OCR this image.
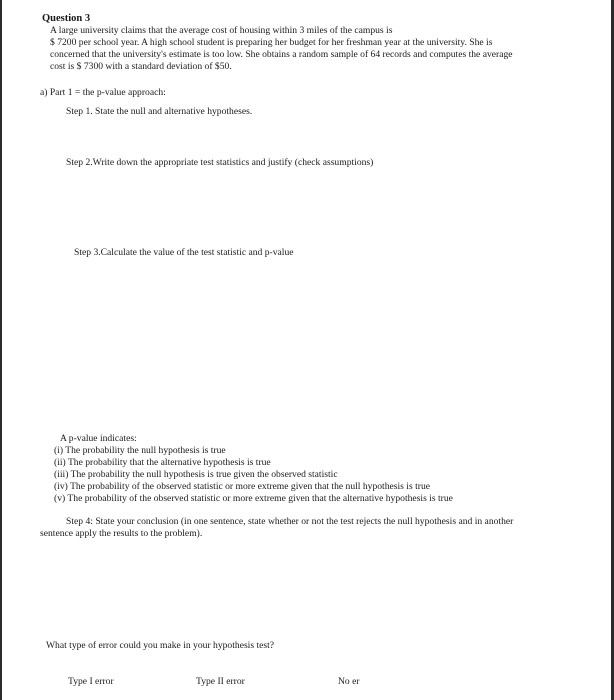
Question 3
A large university claims that the average cost of housing within 3 miles of the campus is
$ 7200 per school year. A high school student is preparing her budget for her freshman year at the university. She is
concerned that the university's estimate is too low. She obtains a random sample of 64 records and computes the average
cost is $ 7300 with a standard deviation of $50.
a) Part 1 = the p-value approach:
Step 1. State the null and alternative hypotheses.
Step 2.Write down the appropriate test statistics and justify (check assumptions)
Step 3.Calculate the value of the test statistic and p-value
A p-value indicates:
(i) The probability the null hypothesis is true
(ii) The probability that the alternative hypothesis is true
(iii) The probability the null hypothesis is true given the observed statistic
(iv) The probability of the observed statistic or more extreme given that the null hypothesis is true
(v) The probability of the observed statistic or more extreme given that the alternative hypothesis is true
Step 4: State your conclusion (in one sentence, state whether or not the test rejects the null hypothesis and in another
sentence apply the results to the problem).
What type of error could you make in your hypothesis test?
Type I error	Type II error	No er
